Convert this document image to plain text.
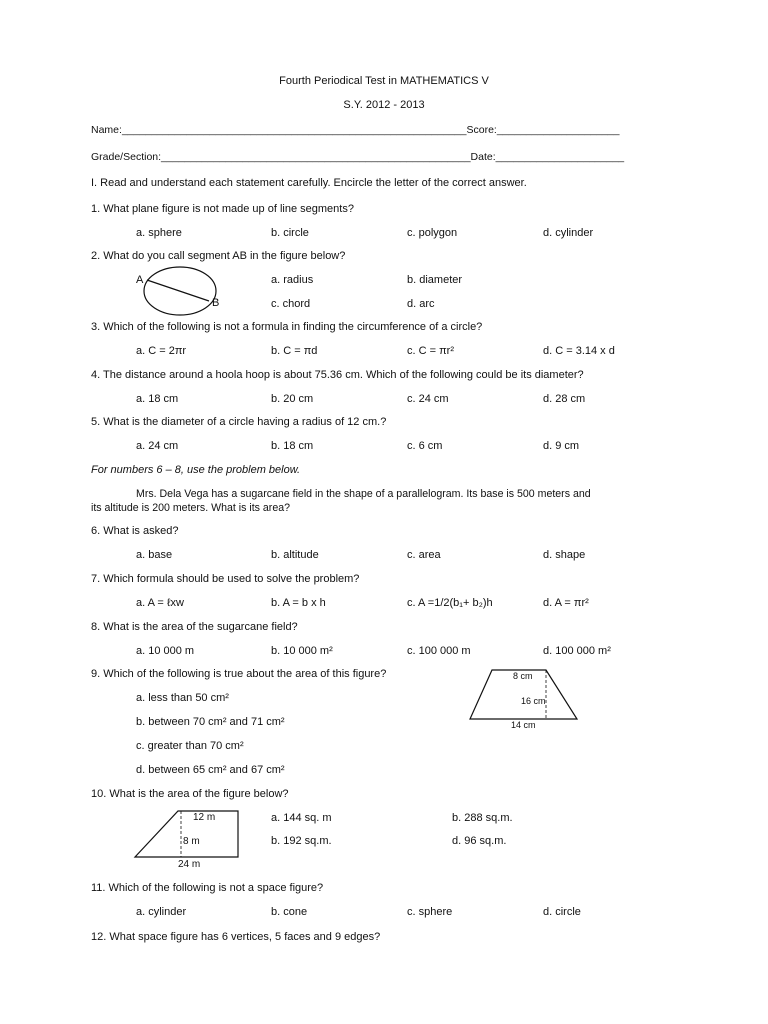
Fourth Periodical Test in MATHEMATICS V
S.Y. 2012 - 2013
Name:___________________________________________________________Score:_____________________
Grade/Section:_____________________________________________________Date:______________________
I. Read and understand each statement carefully. Encircle the letter of the correct answer.
1. What plane figure is not made up of line segments?
a. sphere	b. circle	c. polygon	d. cylinder
2. What do you call segment AB in the figure below?
A
B
a. radius	b. diameter
c. chord	d. arc
3. Which of the following is not a formula in finding the circumference of a circle?
a. C = 2πr	b. C = πd	c. C = πr²	d. C = 3.14 x d
4. The distance around a hoola hoop is about 75.36 cm. Which of the following could be its diameter?
a. 18 cm	b. 20 cm	c. 24 cm	d. 28 cm
5. What is the diameter of a circle having a radius of 12 cm.?
a. 24 cm	b. 18 cm	c. 6 cm	d. 9 cm
For numbers 6 – 8, use the problem below.
Mrs. Dela Vega has a sugarcane field in the shape of a parallelogram. Its base is 500 meters and
its altitude is 200 meters. What is its area?
6. What is asked?
a. base	b. altitude	c. area	d. shape
7. Which formula should be used to solve the problem?
a. A = ℓxw	b. A = b x h	c. A =1/2(b₁+ b₂)h	d. A = πr²
8. What is the area of the sugarcane field?
a. 10 000 m	b. 10 000 m²	c. 100 000 m	d. 100 000 m²
9. Which of the following is true about the area of this figure?
a. less than 50 cm²
b. between 70 cm² and 71 cm²
c. greater than 70 cm²
d. between 65 cm² and 67 cm²
8 cm
16 cm
14 cm
10. What is the area of the figure below?
12 m
8 m
24 m
a. 144 sq. m	b. 288 sq.m.
b. 192 sq.m.	d. 96 sq.m.
11. Which of the following is not a space figure?
a. cylinder	b. cone	c. sphere	d. circle
12. What space figure has 6 vertices, 5 faces and 9 edges?
